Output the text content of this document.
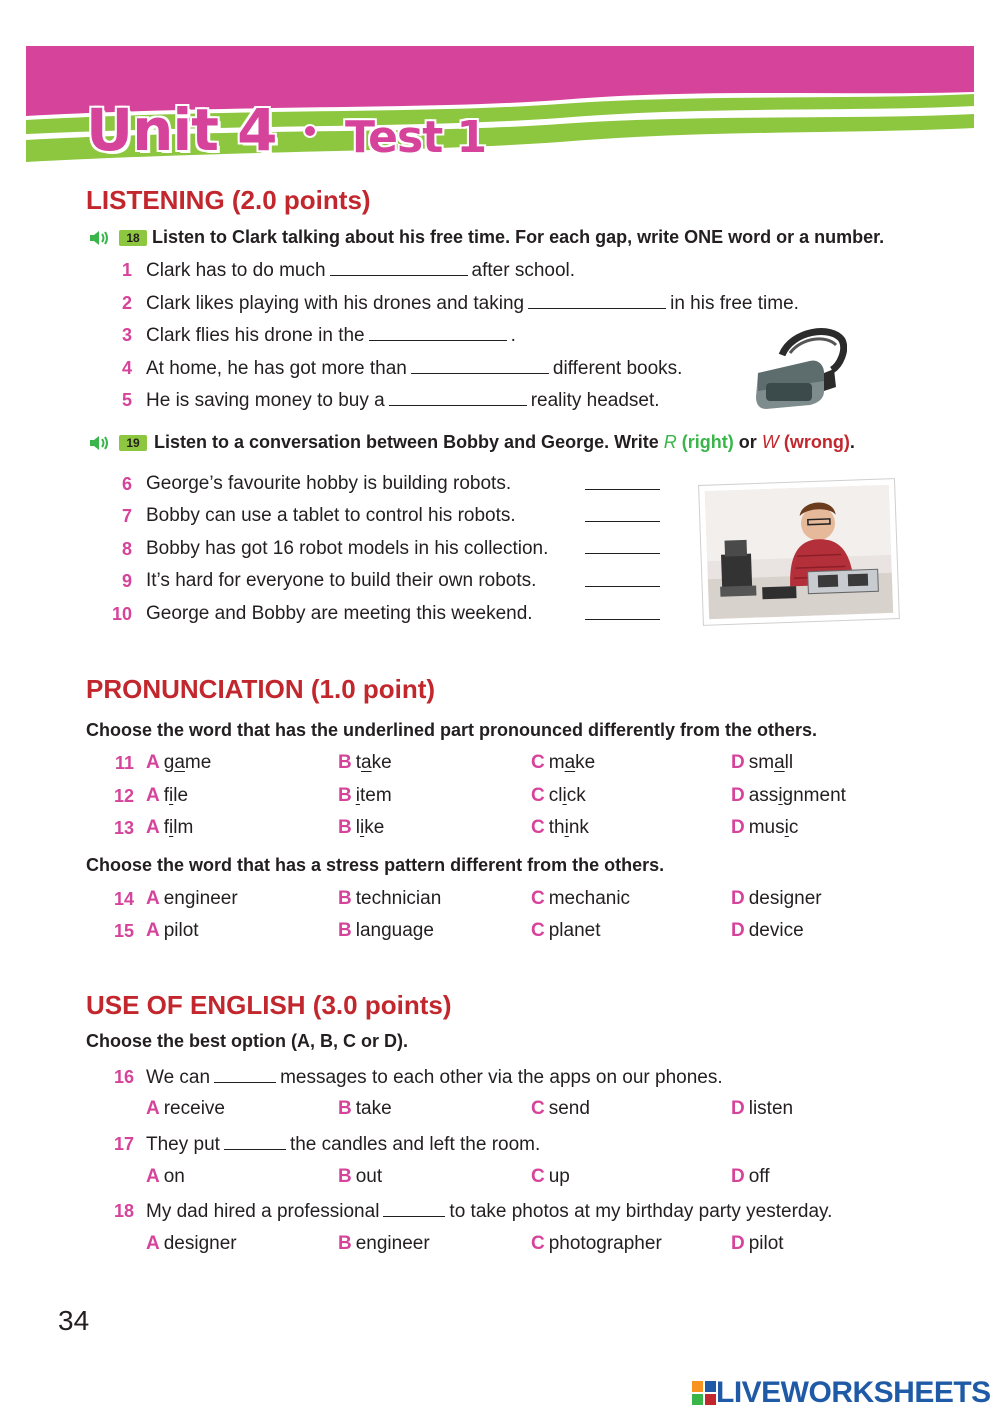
Unit 4 Test 1
LISTENING (2.0 points)
18 Listen to Clark talking about his free time. For each gap, write ONE word or a number.
1 Clark has to do much	after school.
2 Clark likes playing with his drones and taking	in his free time.
3 Clark flies his drone in the	.
4 At home, he has got more than	different books.
5 He is saving money to buy a	reality headset.
19 Listen to a conversation between Bobby and George. Write R (right) or W (wrong).
6 George’s favourite hobby is building robots.
7 Bobby can use a tablet to control his robots.
8 Bobby has got 16 robot models in his collection.
9 It’s hard for everyone to build their own robots.
10 George and Bobby are meeting this weekend.
PRONUNCIATION (1.0 point)
Choose the word that has the underlined part pronounced differently from the others.
11 A game	B take	C make	D small
12 A file	B item	C click	D assignment
13 A film	B like	C think	D music
Choose the word that has a stress pattern different from the others.
14 A engineer	B technician	C mechanic	D designer
15 A pilot	B language	C planet	D device
USE OF ENGLISH (3.0 points)
Choose the best option (A, B, C or D).
16 We can	messages to each other via the apps on our phones.
A receive	B take	C send	D listen
17 They put	the candles and left the room.
A on	B out	C up	D off
18 My dad hired a professional	to take photos at my birthday party yesterday.
A designer	B engineer	C photographer	D pilot
34
LIVEWORKSHEETS
